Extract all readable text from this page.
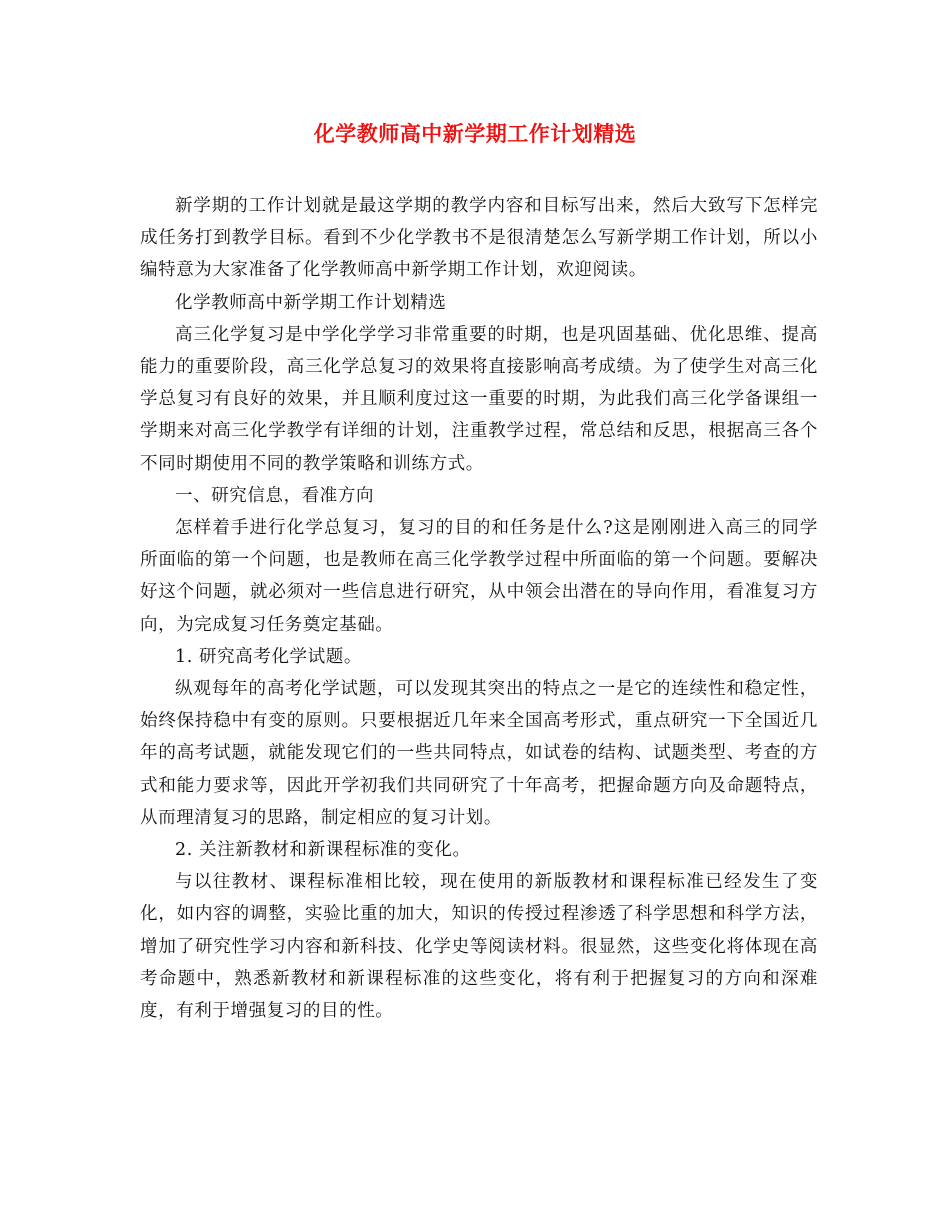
化学教师高中新学期工作计划精选

新学期的工作计划就是最这学期的教学内容和目标写出来，然后大致写下怎样完成任务打到教学目标。看到不少化学教书不是很清楚怎么写新学期工作计划，所以小编特意为大家准备了化学教师高中新学期工作计划，欢迎阅读。

化学教师高中新学期工作计划精选

高三化学复习是中学化学学习非常重要的时期，也是巩固基础、优化思维、提高能力的重要阶段，高三化学总复习的效果将直接影响高考成绩。为了使学生对高三化学总复习有良好的效果，并且顺利度过这一重要的时期，为此我们高三化学备课组一学期来对高三化学教学有详细的计划，注重教学过程，常总结和反思，根据高三各个不同时期使用不同的教学策略和训练方式。

一、研究信息，看准方向

怎样着手进行化学总复习，复习的目的和任务是什么?这是刚刚进入高三的同学所面临的第一个问题，也是教师在高三化学教学过程中所面临的第一个问题。要解决好这个问题，就必须对一些信息进行研究，从中领会出潜在的导向作用，看准复习方向，为完成复习任务奠定基础。

1. 研究高考化学试题。

纵观每年的高考化学试题，可以发现其突出的特点之一是它的连续性和稳定性，始终保持稳中有变的原则。只要根据近几年来全国高考形式，重点研究一下全国近几年的高考试题，就能发现它们的一些共同特点，如试卷的结构、试题类型、考查的方式和能力要求等，因此开学初我们共同研究了十年高考，把握命题方向及命题特点，从而理清复习的思路，制定相应的复习计划。

2. 关注新教材和新课程标准的变化。

与以往教材、课程标准相比较，现在使用的新版教材和课程标准已经发生了变化，如内容的调整，实验比重的加大，知识的传授过程渗透了科学思想和科学方法，增加了研究性学习内容和新科技、化学史等阅读材料。很显然，这些变化将体现在高考命题中，熟悉新教材和新课程标准的这些变化，将有利于把握复习的方向和深难度，有利于增强复习的目的性。
